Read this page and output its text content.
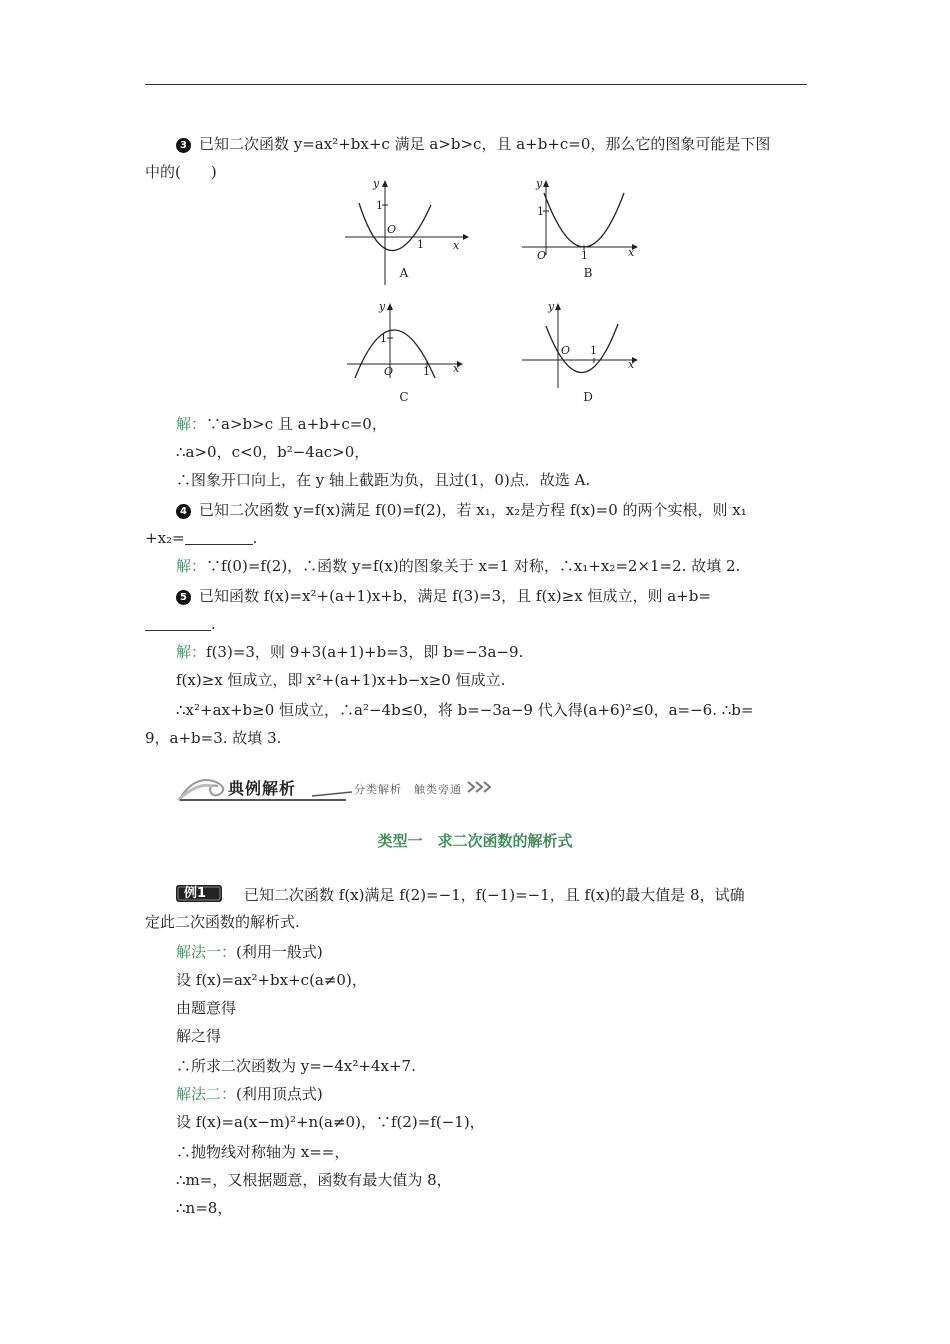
3 已知二次函数 y=ax²+bx+c 满足 a>b>c，且 a+b+c=0，那么它的图象可能是下图
中的(　　)
y
1
O
1	x
A
y
1
O	1	x
B
y
1
O	1 x
C
y
O 1
x
D
解：∵a>b>c 且 a+b+c=0，
∴a>0，c<0，b²−4ac>0，
∴图象开口向上，在 y 轴上截距为负，且过(1，0)点．故选 A.
4 已知二次函数 y=f(x)满足 f(0)=f(2)，若 x₁，x₂是方程 f(x)=0 的两个实根，则 x₁
+x₂=	.
解：∵f(0)=f(2)，∴函数 y=f(x)的图象关于 x=1 对称，∴x₁+x₂=2×1=2. 故填 2.
5 已知函数 f(x)=x²+(a+1)x+b，满足 f(3)=3，且 f(x)≥x 恒成立，则 a+b=
.
解：f(3)=3，则 9+3(a+1)+b=3，即 b=−3a−9.
f(x)≥x 恒成立，即 x²+(a+1)x+b−x≥0 恒成立.
∴x²+ax+b≥0 恒成立，∴a²−4b≤0，将 b=−3a−9 代入得(a+6)²≤0，a=−6. ∴b=
9，a+b=3. 故填 3.
典例解析	分类解析　触类旁通
类型一　求二次函数的解析式
例1	已知二次函数 f(x)满足 f(2)=−1，f(−1)=−1，且 f(x)的最大值是 8，试确
定此二次函数的解析式.
解法一：(利用一般式)
设 f(x)=ax²+bx+c(a≠0)，
由题意得
解之得
∴所求二次函数为 y=−4x²+4x+7.
解法二：(利用顶点式)
设 f(x)=a(x−m)²+n(a≠0)，∵f(2)=f(−1)，
∴抛物线对称轴为 x==，
∴m=，又根据题意，函数有最大值为 8，
∴n=8，
